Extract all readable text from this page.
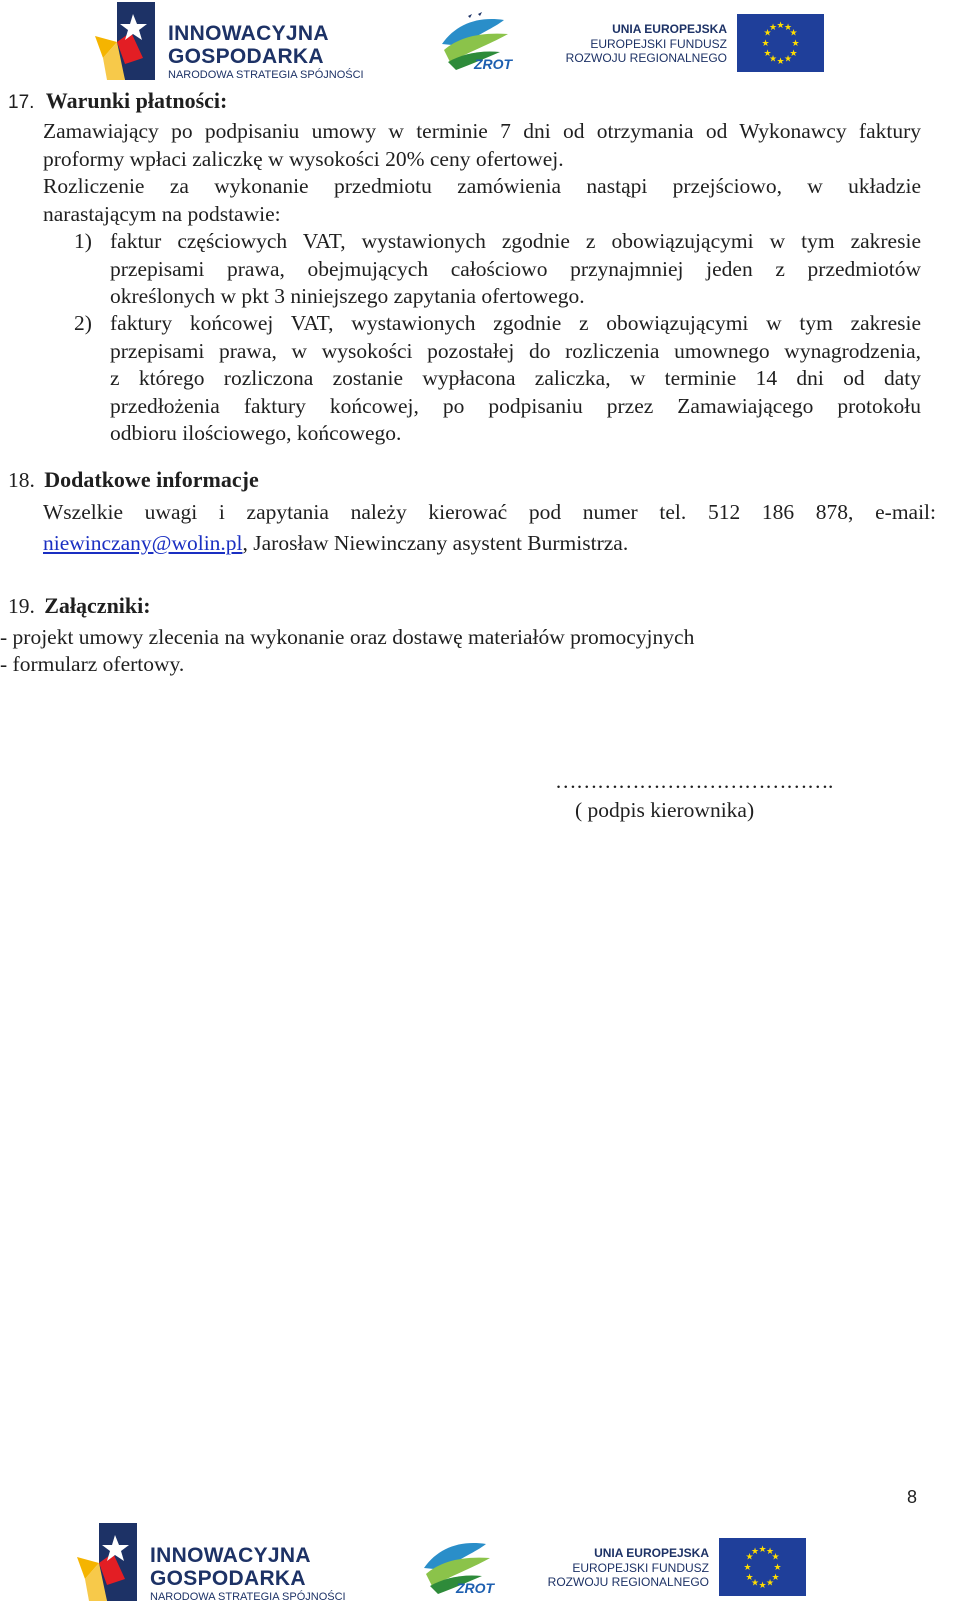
INNOWACYJNA
GOSPODARKA
NARODOWA STRATEGIA SPÓJNOŚCI
ZROT
UNIA EUROPEJSKA
EUROPEJSKI FUNDUSZ
ROZWOJU REGIONALNEGO
★ ★
★
★
★
★
★
★
★
★
★
★
17. Warunki płatności:
Zamawiający po podpisaniu umowy w terminie 7 dni od otrzymania od Wykonawcy faktury
proformy wpłaci zaliczkę w wysokości 20% ceny ofertowej.
Rozliczenie za wykonanie przedmiotu zamówienia nastąpi przejściowo, w układzie
narastającym na podstawie:
1) faktur częściowych VAT, wystawionych zgodnie z obowiązującymi w tym zakresie
przepisami prawa, obejmujących całościowo przynajmniej jeden z przedmiotów
określonych w pkt 3 niniejszego zapytania ofertowego.
2) faktury końcowej VAT, wystawionych zgodnie z obowiązującymi w tym zakresie
przepisami prawa, w wysokości pozostałej do rozliczenia umownego wynagrodzenia,
z którego rozliczona zostanie wypłacona zaliczka, w terminie 14 dni od daty
przedłożenia faktury końcowej, po podpisaniu przez Zamawiającego protokołu
odbioru ilościowego, końcowego.
18. Dodatkowe informacje
Wszelkie uwagi i zapytania należy kierować pod numer tel. 512 186 878, e-mail:
niewinczany@wolin.pl, Jarosław Niewinczany asystent Burmistrza.
19. Załączniki:
- projekt umowy zlecenia na wykonanie oraz dostawę materiałów promocyjnych
- formularz ofertowy.
………………………………….
( podpis kierownika)
8
INNOWACYJNA
GOSPODARKA
NARODOWA STRATEGIA SPÓJNOŚCI
ZROT
UNIA EUROPEJSKA
EUROPEJSKI FUNDUSZ
ROZWOJU REGIONALNEGO
★ ★
★
★
★
★
★
★
★
★
★
★
